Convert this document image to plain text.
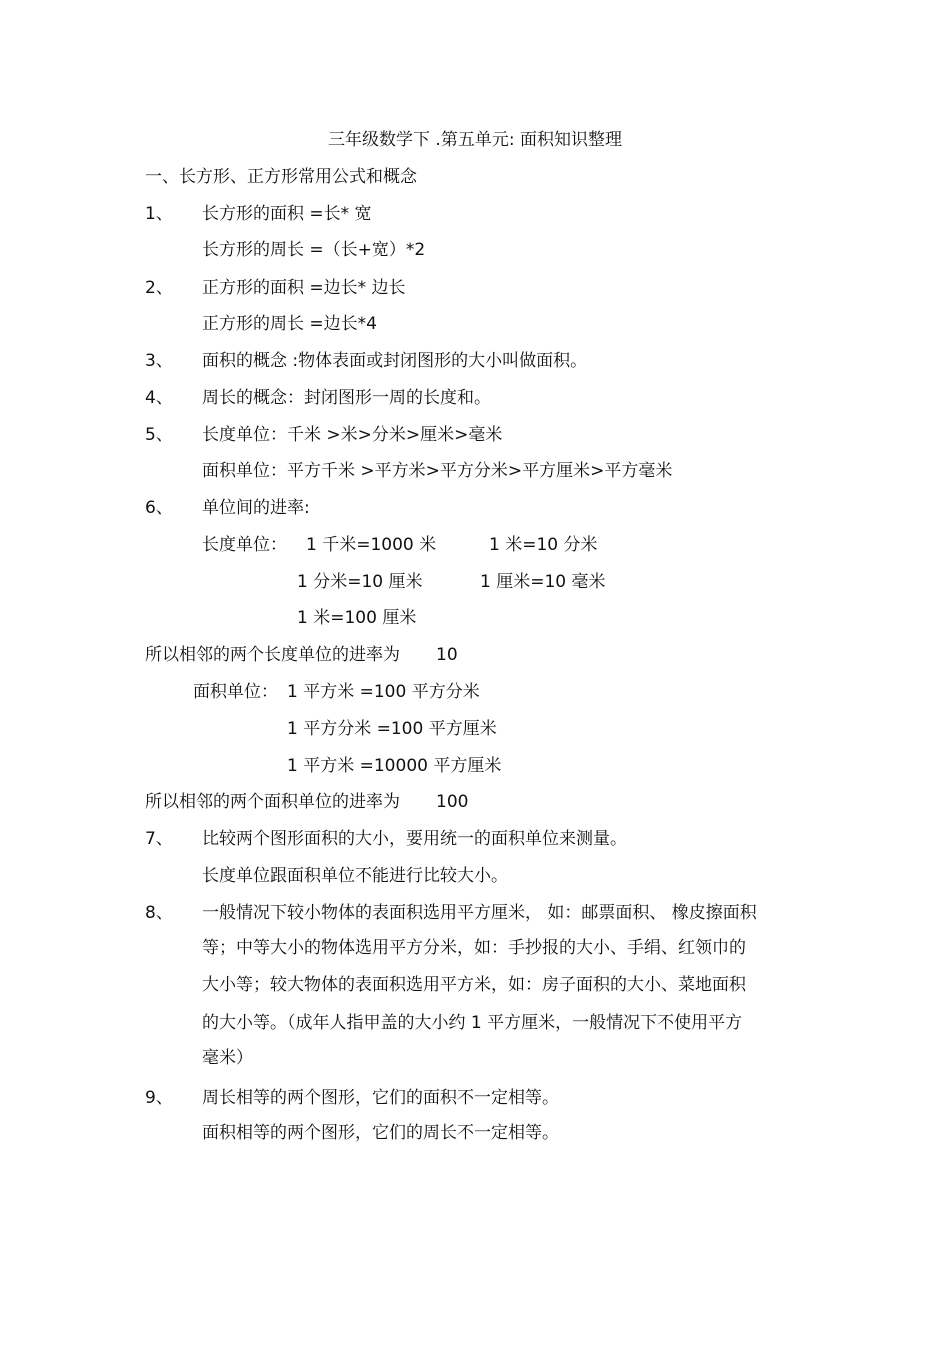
三年级数学下 .第五单元: 面积知识整理
一、长方形、正方形常用公式和概念
1、 长方形的面积 =长* 宽
长方形的周长 =（长+宽）*2
2、 正方形的面积 =边长* 边长
正方形的周长 =边长*4
3、 面积的概念 :物体表面或封闭图形的大小叫做面积。
4、 周长的概念：封闭图形一周的长度和。
5、 长度单位：千米 >米>分米>厘米>毫米
面积单位：平方千米 >平方米>平方分米>平方厘米>平方毫米
6、 单位间的进率:
长度单位： 1 千米=1000 米	1 米=10 分米
1 分米=10 厘米	1 厘米=10 毫米
1 米=100 厘米
所以相邻的两个长度单位的进率为 10
面积单位： 1 平方米 =100 平方分米
1 平方分米 =100 平方厘米
1 平方米 =10000 平方厘米
所以相邻的两个面积单位的进率为 100
7、 比较两个图形面积的大小，要用统一的面积单位来测量。
长度单位跟面积单位不能进行比较大小。
8、 一般情况下较小物体的表面积选用平方厘米， 如：邮票面积、 橡皮擦面积
等；中等大小的物体选用平方分米，如：手抄报的大小、手绢、红领巾的
大小等；较大物体的表面积选用平方米，如：房子面积的大小、菜地面积
的大小等。（成年人指甲盖的大小约 1 平方厘米，一般情况下不使用平方
毫米）
9、 周长相等的两个图形，它们的面积不一定相等。
面积相等的两个图形，它们的周长不一定相等。
